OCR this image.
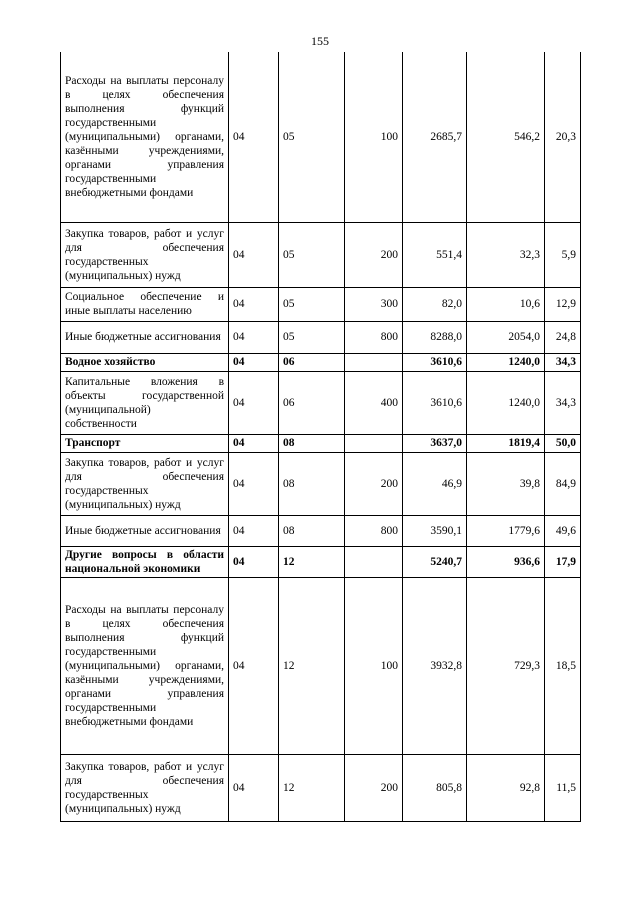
155
Расходы на выплаты персоналу в целях обеспечения выполнения функций государственными (муниципальными) органами, казёнными учреждениями, органами управления государственными внебюджетными фондами	04	05	100	2685,7	546,2	20,3
Закупка товаров, работ и услуг для обеспечения государственных (муниципальных) нужд	04	05	200	551,4	32,3	5,9
Социальное обеспечение и иные выплаты населению	04	05	300	82,0	10,6	12,9
Иные бюджетные ассигнования	04	05	800	8288,0	2054,0	24,8
Водное хозяйство	04	06		3610,6	1240,0	34,3
Капитальные вложения в объекты государственной (муниципальной) собственности	04	06	400	3610,6	1240,0	34,3
Транспорт	04	08		3637,0	1819,4	50,0
Закупка товаров, работ и услуг для обеспечения государственных (муниципальных) нужд	04	08	200	46,9	39,8	84,9
Иные бюджетные ассигнования	04	08	800	3590,1	1779,6	49,6
Другие вопросы в области национальной экономики	04	12		5240,7	936,6	17,9
Расходы на выплаты персоналу в целях обеспечения выполнения функций государственными (муниципальными) органами, казёнными учреждениями, органами управления государственными внебюджетными фондами	04	12	100	3932,8	729,3	18,5
Закупка товаров, работ и услуг для обеспечения государственных (муниципальных) нужд	04	12	200	805,8	92,8	11,5
